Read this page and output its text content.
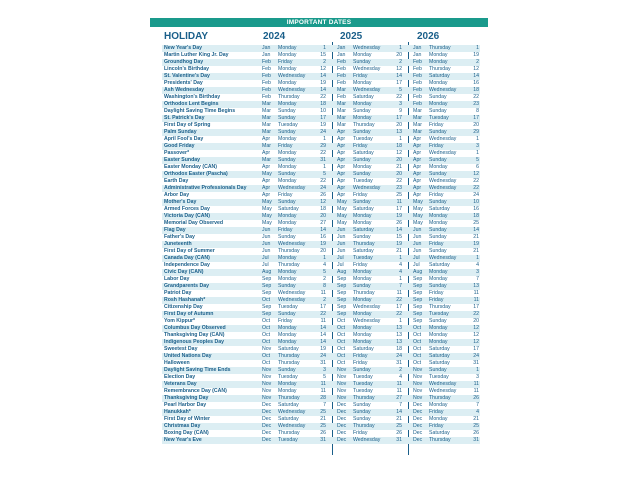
IMPORTANT DATES
HOLIDAY	2024	2025	2026
New Year's Day	Jan Monday	1 Jan Wednesday	1 Jan Thursday	1
Martin Luther King Jr. Day	Jan Monday	15 Jan Monday	20 Jan Monday	19
Groundhog Day	Feb Friday	2 Feb Sunday	2 Feb Monday	2
Lincoln's Birthday	Feb Monday	12 Feb Wednesday	12 Feb Thursday	12
St. Valentine's Day	Feb Wednesday	14 Feb Friday	14 Feb Saturday	14
Presidents' Day	Feb Monday	19 Feb Monday	17 Feb Monday	16
Ash Wednesday	Feb Wednesday	14 Mar Wednesday	5 Feb Wednesday	18
Washington's Birthday	Feb Thursday	22 Feb Saturday	22 Feb Sunday	22
Orthodox Lent Begins	Mar Monday	18 Mar Monday	3 Feb Monday	23
Daylight Saving Time Begins	Mar Sunday	10 Mar Sunday	9 Mar Sunday	8
St. Patrick's Day	Mar Sunday	17 Mar Monday	17 Mar Tuesday	17
First Day of Spring	Mar Tuesday	19 Mar Thursday	20 Mar Friday	20
Palm Sunday	Mar Sunday	24 Apr Sunday	13 Mar Sunday	29
April Fool's Day	Apr Monday	1 Apr Tuesday	1 Apr Wednesday	1
Good Friday	Mar Friday	29 Apr Friday	18 Apr Friday	3
Passover*	Apr Monday	22 Apr Saturday	12 Apr Wednesday	1
Easter Sunday	Mar Sunday	31 Apr Sunday	20 Apr Sunday	5
Easter Monday (CAN)	Apr Monday	1 Apr Monday	21 Apr Monday	6
Orthodox Easter (Pascha)	May Sunday	5 Apr Sunday	20 Apr Sunday	12
Earth Day	Apr Monday	22 Apr Tuesday	22 Apr Wednesday	22
Administrative Professionals Day	Apr Wednesday	24 Apr Wednesday	23 Apr Wednesday	22
Arbor Day	Apr Friday	26 Apr Friday	25 Apr Friday	24
Mother's Day	May Sunday	12 May Sunday	11 May Sunday	10
Armed Forces Day	May Saturday	18 May Saturday	17 May Saturday	16
Victoria Day (CAN)	May Monday	20 May Monday	19 May Monday	18
Memorial Day Observed	May Monday	27 May Monday	26 May Monday	25
Flag Day	Jun Friday	14 Jun Saturday	14 Jun Sunday	14
Father's Day	Jun Sunday	16 Jun Sunday	15 Jun Sunday	21
Juneteenth	Jun Wednesday	19 Jun Thursday	19 Jun Friday	19
First Day of Summer	Jun Thursday	20 Jun Saturday	21 Jun Sunday	21
Canada Day (CAN)	Jul Monday	1 Jul Tuesday	1 Jul Wednesday	1
Independence Day	Jul Thursday	4 Jul Friday	4 Jul Saturday	4
Civic Day (CAN)	Aug Monday	5 Aug Monday	4 Aug Monday	3
Labor Day	Sep Monday	2 Sep Monday	1 Sep Monday	7
Grandparents Day	Sep Sunday	8 Sep Sunday	7 Sep Sunday	13
Patriot Day	Sep Wednesday	11 Sep Thursday	11 Sep Friday	11
Rosh Hashanah*	Oct Wednesday	2 Sep Monday	22 Sep Friday	11
Citizenship Day	Sep Tuesday	17 Sep Wednesday	17 Sep Thursday	17
First Day of Autumn	Sep Sunday	22 Sep Monday	22 Sep Tuesday	22
Yom Kippur*	Oct Friday	11 Oct Wednesday	1 Sep Sunday	20
Columbus Day Observed	Oct Monday	14 Oct Monday	13 Oct Monday	12
Thanksgiving Day (CAN)	Oct Monday	14 Oct Monday	13 Oct Monday	12
Indigenous Peoples Day	Oct Monday	14 Oct Monday	13 Oct Monday	12
Sweetest Day	Nov Saturday	19 Oct Saturday	18 Oct Saturday	17
United Nations Day	Oct Thursday	24 Oct Friday	24 Oct Saturday	24
Halloween	Oct Thursday	31 Oct Friday	31 Oct Saturday	31
Daylight Saving Time Ends	Nov Sunday	3 Nov Sunday	2 Nov Sunday	1
Election Day	Nov Tuesday	5 Nov Tuesday	4 Nov Tuesday	3
Veterans Day	Nov Monday	11 Nov Tuesday	11 Nov Wednesday	11
Remembrance Day (CAN)	Nov Monday	11 Nov Tuesday	11 Nov Wednesday	11
Thanksgiving Day	Nov Thursday	28 Nov Thursday	27 Nov Thursday	26
Pearl Harbor Day	Dec Saturday	7 Dec Sunday	7 Dec Monday	7
Hanukkah*	Dec Wednesday	25 Dec Sunday	14 Dec Friday	4
First Day of Winter	Dec Saturday	21 Dec Sunday	21 Dec Monday	21
Christmas Day	Dec Wednesday	25 Dec Thursday	25 Dec Friday	25
Boxing Day (CAN)	Dec Thursday	26 Dec Friday	26 Dec Saturday	26
New Year's Eve	Dec Tuesday	31 Dec Wednesday	31 Dec Thursday	31
